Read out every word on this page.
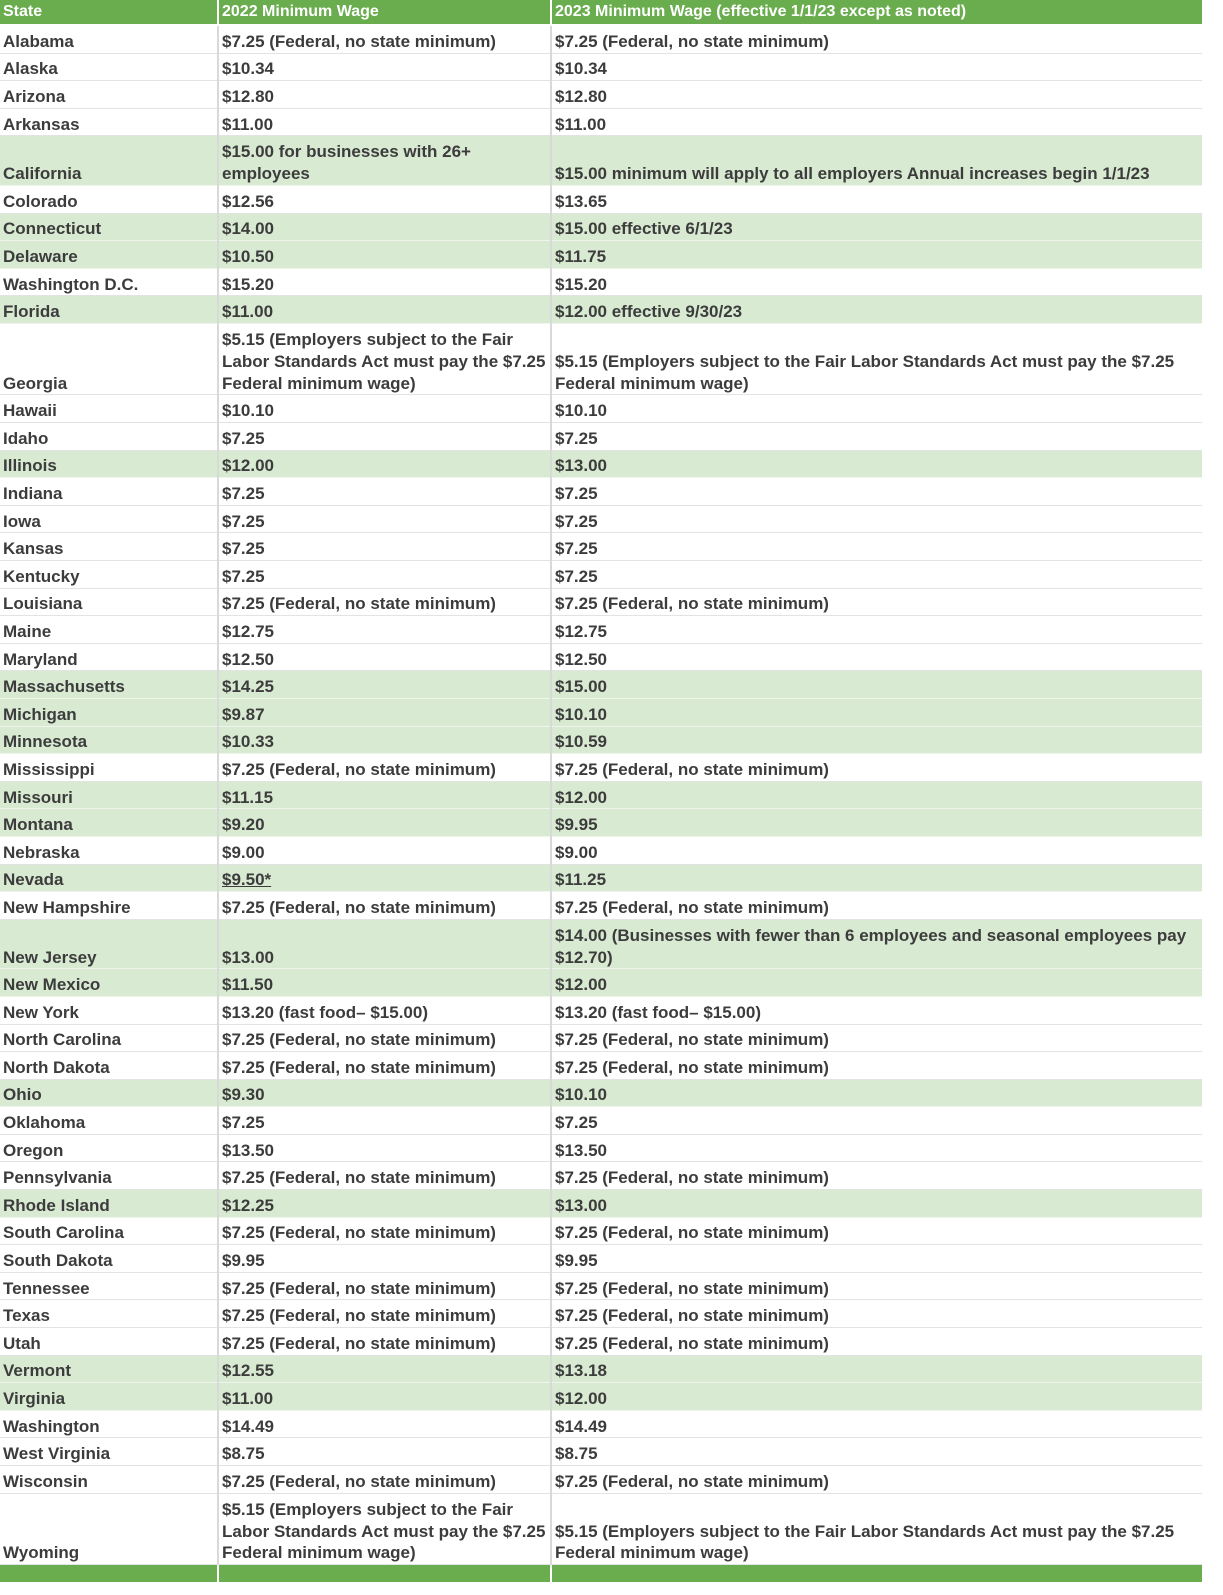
State	2022 Minimum Wage	2023 Minimum Wage (effective 1/1/23 except as noted)
Alabama	$7.25 (Federal, no state minimum)	$7.25 (Federal, no state minimum)
Alaska	$10.34	$10.34
Arizona	$12.80	$12.80
Arkansas	$11.00	$11.00
California	$15.00 for businesses with 26+ employees	$15.00 minimum will apply to all employers Annual increases begin 1/1/23
Colorado	$12.56	$13.65
Connecticut	$14.00	$15.00 effective 6/1/23
Delaware	$10.50	$11.75
Washington D.C.	$15.20	$15.20
Florida	$11.00	$12.00 effective 9/30/23
Georgia	$5.15 (Employers subject to the Fair Labor Standards Act must pay the $7.25 Federal minimum wage)	$5.15 (Employers subject to the Fair Labor Standards Act must pay the $7.25 Federal minimum wage)
Hawaii	$10.10	$10.10
Idaho	$7.25	$7.25
Illinois	$12.00	$13.00
Indiana	$7.25	$7.25
Iowa	$7.25	$7.25
Kansas	$7.25	$7.25
Kentucky	$7.25	$7.25
Louisiana	$7.25 (Federal, no state minimum)	$7.25 (Federal, no state minimum)
Maine	$12.75	$12.75
Maryland	$12.50	$12.50
Massachusetts	$14.25	$15.00
Michigan	$9.87	$10.10
Minnesota	$10.33	$10.59
Mississippi	$7.25 (Federal, no state minimum)	$7.25 (Federal, no state minimum)
Missouri	$11.15	$12.00
Montana	$9.20	$9.95
Nebraska	$9.00	$9.00
Nevada	$9.50*	$11.25
New Hampshire	$7.25 (Federal, no state minimum)	$7.25 (Federal, no state minimum)
New Jersey	$13.00	$14.00 (Businesses with fewer than 6 employees and seasonal employees pay $12.70)
New Mexico	$11.50	$12.00
New York	$13.20 (fast food– $15.00)	$13.20 (fast food– $15.00)
North Carolina	$7.25 (Federal, no state minimum)	$7.25 (Federal, no state minimum)
North Dakota	$7.25 (Federal, no state minimum)	$7.25 (Federal, no state minimum)
Ohio	$9.30	$10.10
Oklahoma	$7.25	$7.25
Oregon	$13.50	$13.50
Pennsylvania	$7.25 (Federal, no state minimum)	$7.25 (Federal, no state minimum)
Rhode Island	$12.25	$13.00
South Carolina	$7.25 (Federal, no state minimum)	$7.25 (Federal, no state minimum)
South Dakota	$9.95	$9.95
Tennessee	$7.25 (Federal, no state minimum)	$7.25 (Federal, no state minimum)
Texas	$7.25 (Federal, no state minimum)	$7.25 (Federal, no state minimum)
Utah	$7.25 (Federal, no state minimum)	$7.25 (Federal, no state minimum)
Vermont	$12.55	$13.18
Virginia	$11.00	$12.00
Washington	$14.49	$14.49
West Virginia	$8.75	$8.75
Wisconsin	$7.25 (Federal, no state minimum)	$7.25 (Federal, no state minimum)
Wyoming	$5.15 (Employers subject to the Fair Labor Standards Act must pay the $7.25 Federal minimum wage)	$5.15 (Employers subject to the Fair Labor Standards Act must pay the $7.25 Federal minimum wage)
